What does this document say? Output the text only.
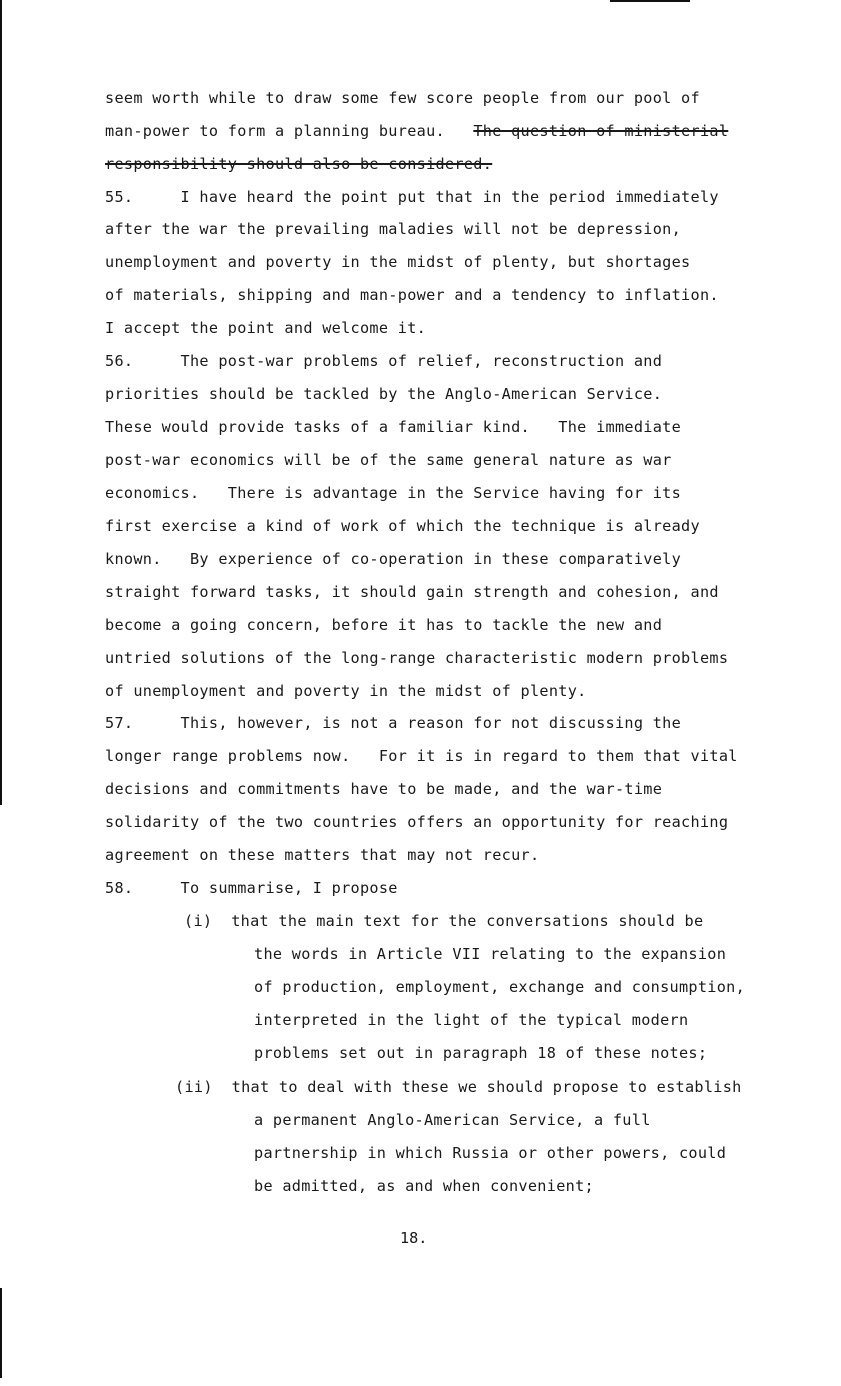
seem worth while to draw some few score people from our pool of
man-power to form a planning bureau.   The question of ministerial
responsibility should also be considered.
55.     I have heard the point put that in the period immediately
after the war the prevailing maladies will not be depression,
unemployment and poverty in the midst of plenty, but shortages
of materials, shipping and man-power and a tendency to inflation.
I accept the point and welcome it.
56.     The post-war problems of relief, reconstruction and
priorities should be tackled by the Anglo-American Service.
These would provide tasks of a familiar kind.   The immediate
post-war economics will be of the same general nature as war
economics.   There is advantage in the Service having for its
first exercise a kind of work of which the technique is already
known.   By experience of co-operation in these comparatively
straight forward tasks, it should gain strength and cohesion, and
become a going concern, before it has to tackle the new and
untried solutions of the long-range characteristic modern problems
of unemployment and poverty in the midst of plenty.
57.     This, however, is not a reason for not discussing the
longer range problems now.   For it is in regard to them that vital
decisions and commitments have to be made, and the war-time
solidarity of the two countries offers an opportunity for reaching
agreement on these matters that may not recur.
58.     To summarise, I propose
(i)  that the main text for the conversations should be
the words in Article VII relating to the expansion
of production, employment, exchange and consumption,
interpreted in the light of the typical modern
problems set out in paragraph 18 of these notes;
(ii)  that to deal with these we should propose to establish
a permanent Anglo-American Service, a full
partnership in which Russia or other powers, could
be admitted, as and when convenient;
18.
